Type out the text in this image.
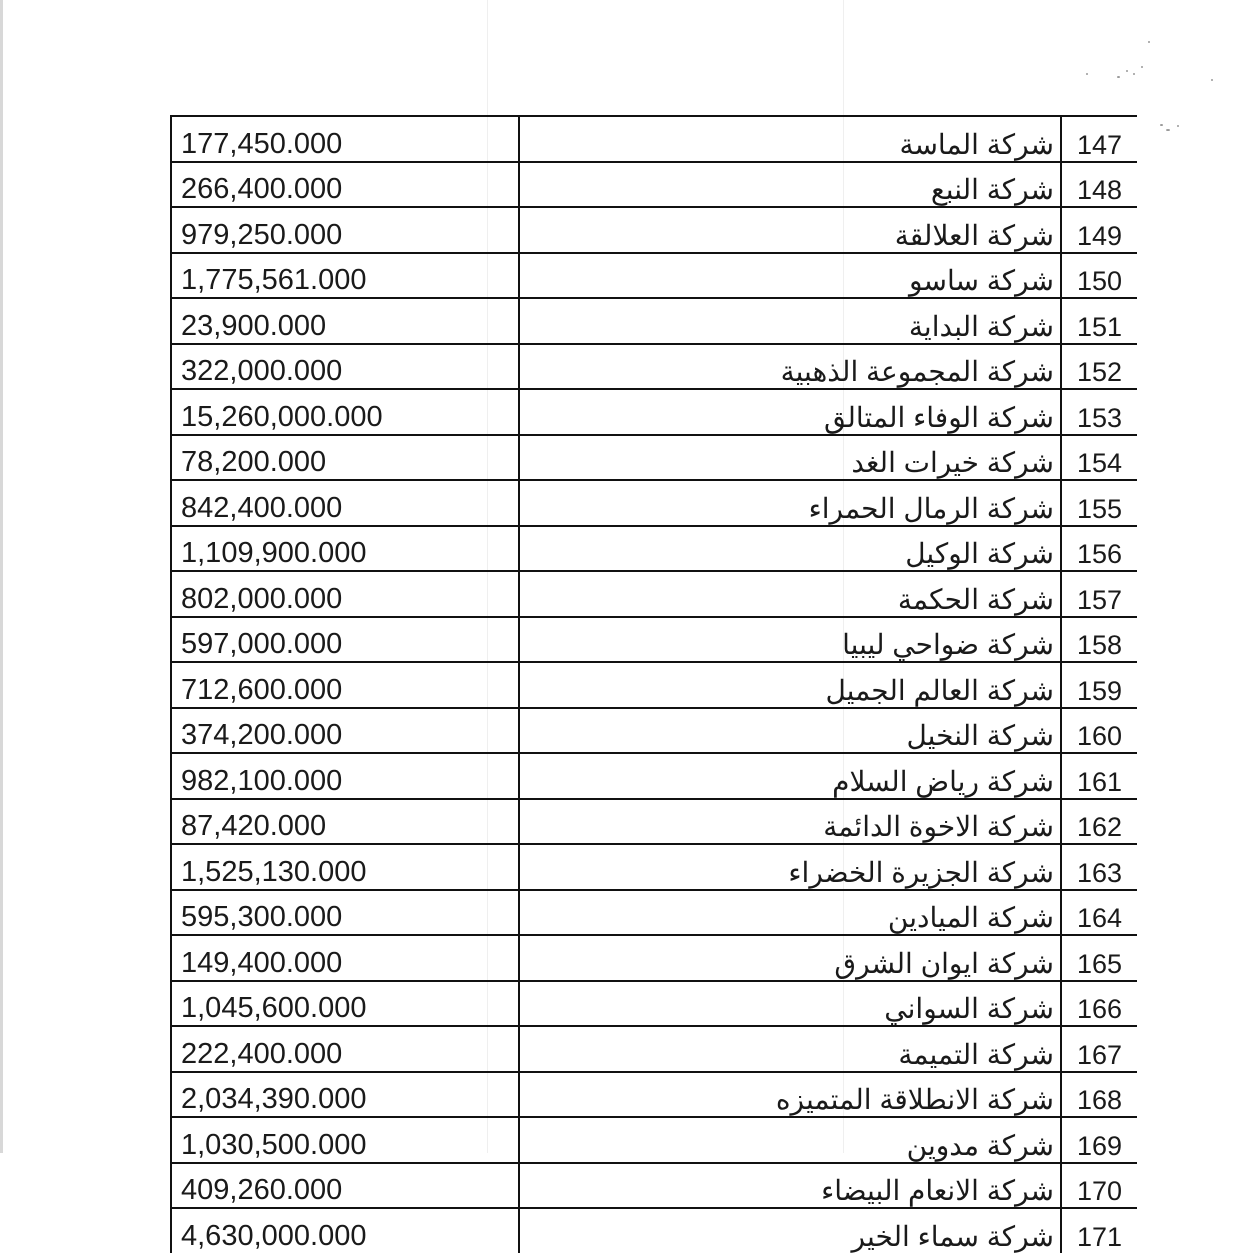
177,450.000	شركة الماسة	147
266,400.000	شركة النبع	148
979,250.000	شركة العلالقة	149
1,775,561.000	شركة ساسو	150
23,900.000	شركة البداية	151
322,000.000	شركة المجموعة الذهبية	152
15,260,000.000	شركة الوفاء المتالق	153
78,200.000	شركة خيرات الغد	154
842,400.000	شركة الرمال الحمراء	155
1,109,900.000	شركة الوكيل	156
802,000.000	شركة الحكمة	157
597,000.000	شركة ضواحي ليبيا	158
712,600.000	شركة العالم الجميل	159
374,200.000	شركة النخيل	160
982,100.000	شركة رياض السلام	161
87,420.000	شركة الاخوة الدائمة	162
1,525,130.000	شركة الجزيرة الخضراء	163
595,300.000	شركة الميادين	164
149,400.000	شركة ايوان الشرق	165
1,045,600.000	شركة السواني	166
222,400.000	شركة التميمة	167
2,034,390.000	شركة الانطلاقة المتميزه	168
1,030,500.000	شركة مدوين	169
409,260.000	شركة الانعام البيضاء	170
4,630,000.000	شركة سماء الخير	171
